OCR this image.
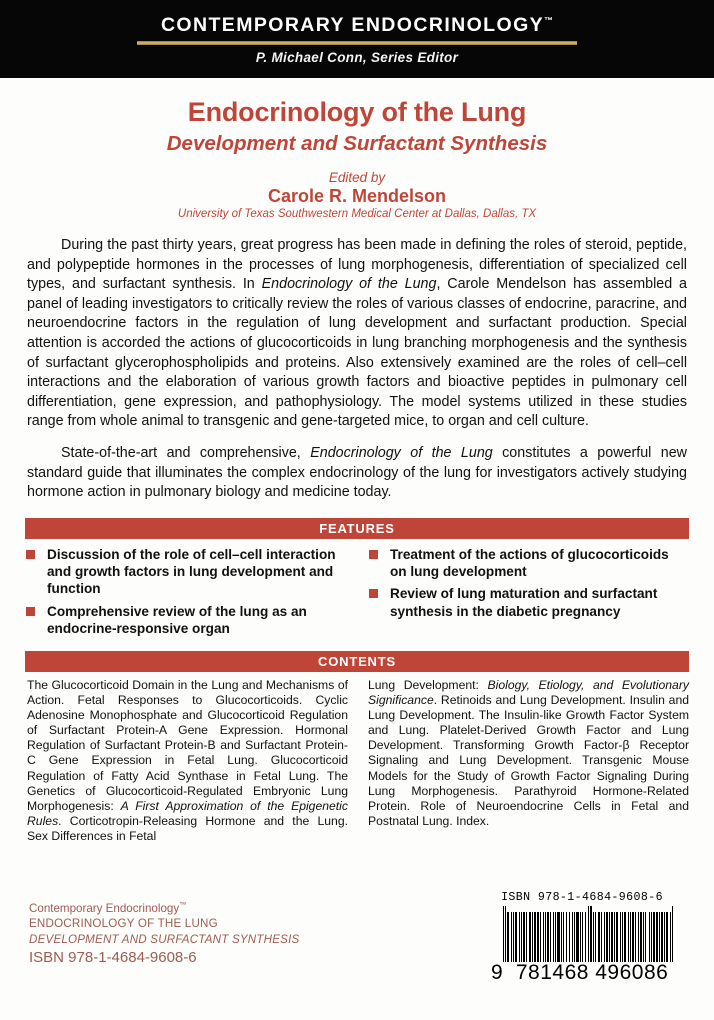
CONTEMPORARY ENDOCRINOLOGY™
P. Michael Conn, Series Editor
Endocrinology of the Lung
Development and Surfactant Synthesis
Edited by
Carole R. Mendelson
University of Texas Southwestern Medical Center at Dallas, Dallas, TX

During the past thirty years, great progress has been made in defining the roles of steroid, peptide, and polypeptide hormones in the processes of lung morphogenesis, differentiation of specialized cell types, and surfactant synthesis. In Endocrinology of the Lung, Carole Mendelson has assembled a panel of leading investigators to critically review the roles of various classes of endocrine, paracrine, and neuroendocrine factors in the regulation of lung development and surfactant production. Special attention is accorded the actions of glucocorticoids in lung branching morphogenesis and the synthesis of surfactant glycerophospholipids and proteins. Also extensively examined are the roles of cell–cell interactions and the elaboration of various growth factors and bioactive peptides in pulmonary cell differentiation, gene expression, and pathophysiology. The model systems utilized in these studies range from whole animal to transgenic and gene-targeted mice, to organ and cell culture.

State-of-the-art and comprehensive, Endocrinology of the Lung constitutes a powerful new standard guide that illuminates the complex endocrinology of the lung for investigators actively studying hormone action in pulmonary biology and medicine today.

FEATURES
Discussion of the role of cell–cell interaction and growth factors in lung development and function
Comprehensive review of the lung as an endocrine-responsive organ
Treatment of the actions of glucocorticoids on lung development
Review of lung maturation and surfactant synthesis in the diabetic pregnancy
CONTENTS
The Glucocorticoid Domain in the Lung and Mechanisms of Action. Fetal Responses to Glucocorticoids. Cyclic Adenosine Monophosphate and Glucocorticoid Regulation of Surfactant Protein-A Gene Expression. Hormonal Regulation of Surfactant Protein-B and Surfactant Protein-C Gene Expression in Fetal Lung. Glucocorticoid Regulation of Fatty Acid Synthase in Fetal Lung. The Genetics of Glucocorticoid-Regulated Embryonic Lung Morphogenesis: A First Approximation of the Epigenetic Rules. Corticotropin-Releasing Hormone and the Lung. Sex Differences in Fetal
Lung Development: Biology, Etiology, and Evolutionary Significance. Retinoids and Lung Development. Insulin and Lung Development. The Insulin-like Growth Factor System and Lung. Platelet-Derived Growth Factor and Lung Development. Transforming Growth Factor-β Receptor Signaling and Lung Development. Transgenic Mouse Models for the Study of Growth Factor Signaling During Lung Morphogenesis. Parathyroid Hormone-Related Protein. Role of Neuroendocrine Cells in Fetal and Postnatal Lung. Index.
Contemporary Endocrinology™
ENDOCRINOLOGY OF THE LUNG
DEVELOPMENT AND SURFACTANT SYNTHESIS
ISBN 978-1-4684-9608-6
ISBN 978-1-4684-9608-6
9  781468 496086
